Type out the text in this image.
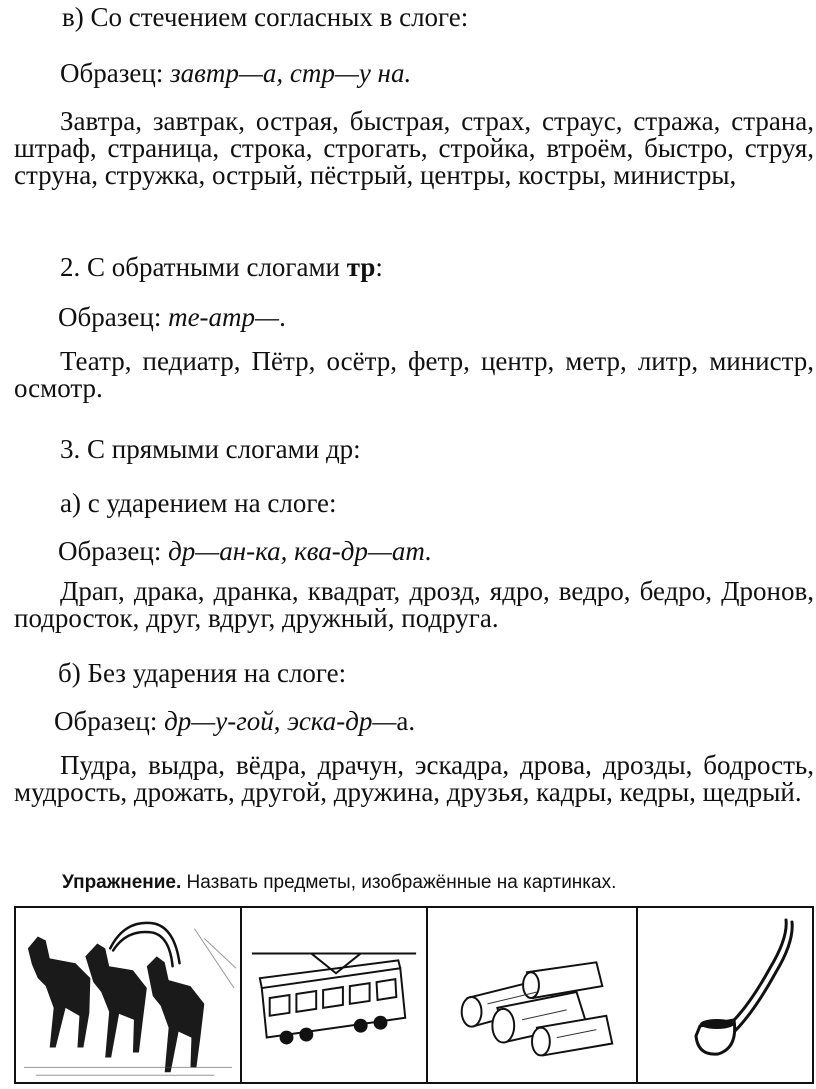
в) Со стечением согласных в слоге:
Образец: завтр—а, стр—у на.
Завтра, завтрак, острая, быстрая, страх, страус, стража, страна, штраф, страница, строка, строгать, стройка, втроём, быстро, струя, струна, стружка, острый, пёстрый, центры, костры, министры,
2. С обратными слогами тр:
Образец: те-атр—.
Театр, педиатр, Пётр, осётр, фетр, центр, метр, литр, министр, осмотр.
3. С прямыми слогами др:
а) с ударением на слоге:
Образец: др—ан-ка, ква-др—ат.
Драп, драка, дранка, квадрат, дрозд, ядро, ведро, бедро, Дронов, подросток, друг, вдруг, дружный, подруга.
б) Без ударения на слоге:
Образец: др—у-гой, эска-др—а.
Пудра, выдра, вёдра, драчун, эскадра, дрова, дрозды, бодрость, мудрость, дрожать, другой, дружина, друзья, кадры, кедры, щедрый.
Упражнение. Назвать предметы, изображённые на картинках.
